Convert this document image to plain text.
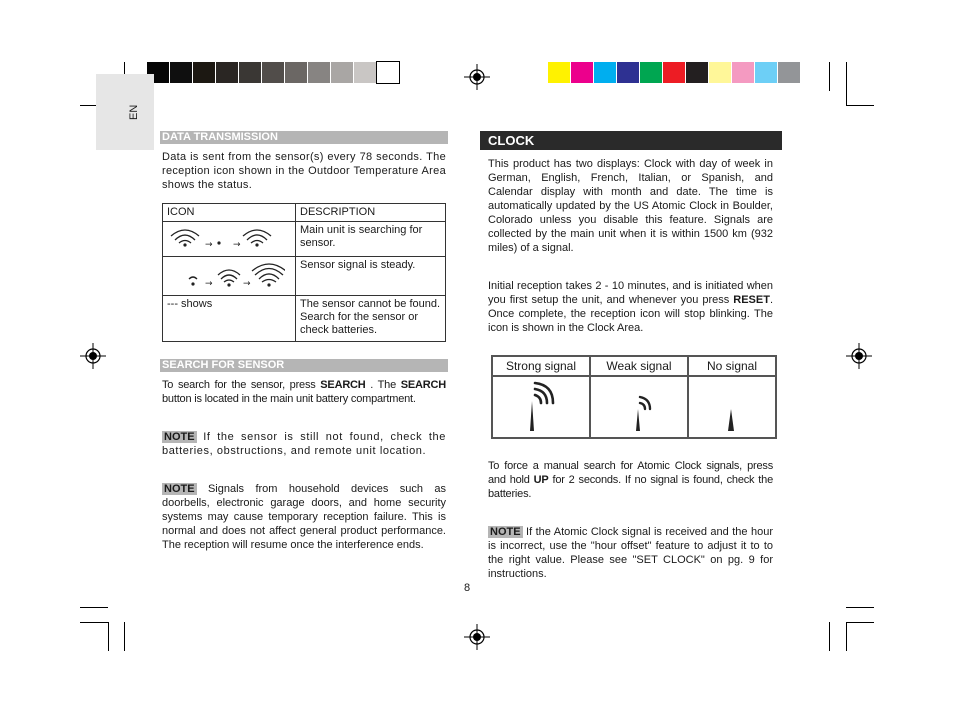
EN
DATA TRANSMISSION
Data is sent from the sensor(s) every 78 seconds. The reception icon shown in the Outdoor Temperature Area shows the status.
ICON	DESCRIPTION

→ →	Main unit is searching for sensor.

→ →	Sensor signal is steady.
--- shows	The sensor cannot be found. Search for the sensor or check batteries.
SEARCH FOR SENSOR
To search for the sensor, press SEARCH . The SEARCH button is located in the main unit battery compartment.
NOTE If the sensor is still not found, check the batteries, obstructions, and remote unit location.
NOTE Signals from household devices such as doorbells, electronic garage doors, and home security systems may cause temporary reception failure. This is normal and does not affect general product performance. The reception will resume once the interference ends.
CLOCK
This product has two displays: Clock with day of week in German, English, French, Italian, or Spanish, and Calendar display with month and date. The time is automatically updated by the US Atomic Clock in Boulder, Colorado unless you disable this feature. Signals are collected by the main unit when it is within 1500 km (932 miles) of a signal.
Initial reception takes 2 - 10 minutes, and is initiated when you first setup the unit, and whenever you press RESET. Once complete, the reception icon will stop blinking. The icon is shown in the Clock Area.
Strong signal	Weak signal	No signal

To force a manual search for Atomic Clock signals, press and hold UP for 2 seconds. If no signal is found, check the batteries.
NOTE If the Atomic Clock signal is received and the hour is incorrect, use the "hour offset" feature to adjust it to to the right value. Please see "SET CLOCK" on pg. 9 for instructions.
8
